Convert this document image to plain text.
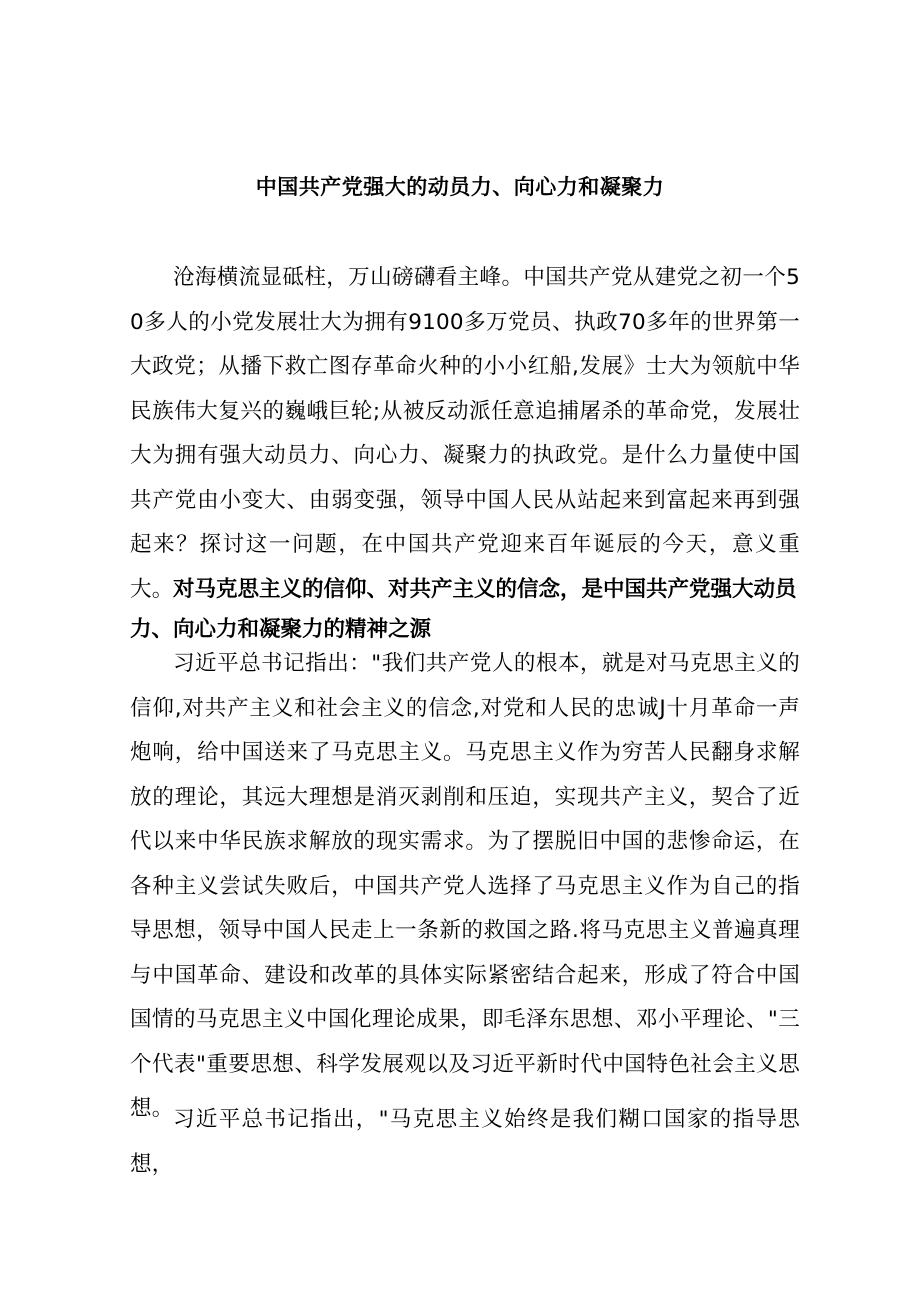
中国共产党强大的动员力、向心力和凝聚力

沧海横流显砥柱，万山磅礴看主峰。中国共产党从建党之初一个50多人的小党发展壮大为拥有9100多万党员、执政70多年的世界第一大政党；从播下救亡图存革命火种的小小红船,发展》士大为领航中华民族伟大复兴的巍峨巨轮;从被反动派任意追捕屠杀的革命党，发展壮大为拥有强大动员力、向心力、凝聚力的执政党。是什么力量使中国共产党由小变大、由弱变强，领导中国人民从站起来到富起来再到强起来？探讨这一问题，在中国共产党迎来百年诞辰的今天，意义重大。 对马克思主义的信仰、对共产主义的信念，是中国共产党强大动员力、向心力和凝聚力的精神之源

习近平总书记指出："我们共产党人的根本，就是对马克思主义的信仰,对共产主义和社会主义的信念,对党和人民的忠诚J十月革命一声炮响，给中国送来了马克思主义。马克思主义作为穷苦人民翻身求解放的理论，其远大理想是消灭剥削和压迫，实现共产主义，契合了近代以来中华民族求解放的现实需求。为了摆脱旧中国的悲惨命运，在各种主义尝试失败后，中国共产党人选择了马克思主义作为自己的指导思想，领导中国人民走上一条新的救国之路.将马克思主义普遍真理与中国革命、建设和改革的具体实际紧密结合起来，形成了符合中国国情的马克思主义中国化理论成果，即毛泽东思想、邓小平理论、"三个代表"重要思想、科学发展观以及习近平新时代中国特色社会主义思想。 习近平总书记指出，"马克思主义始终是我们糊口国家的指导思想，
